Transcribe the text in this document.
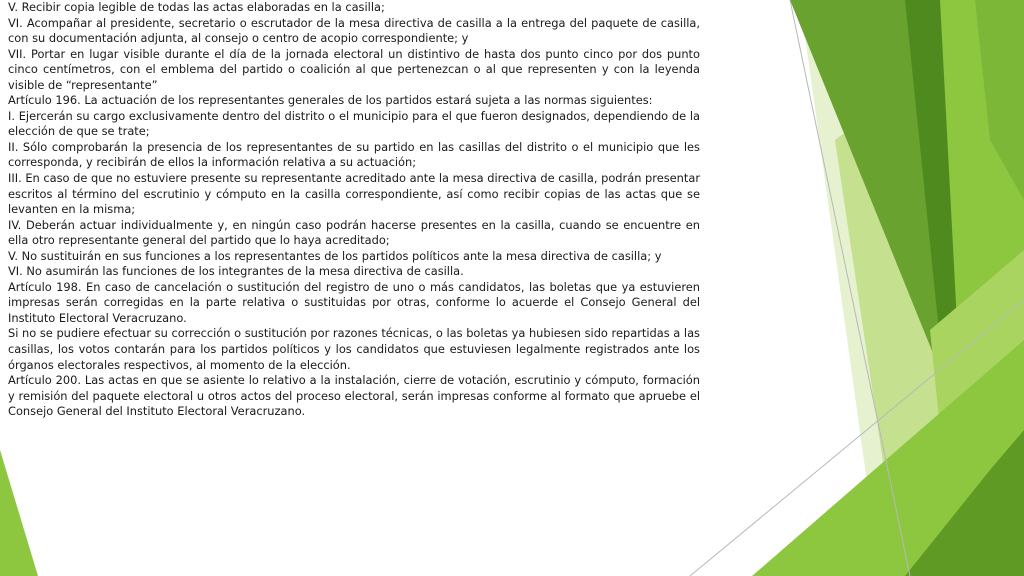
V. Recibir copia legible de todas las actas elaboradas en la casilla;

VI. Acompañar al presidente, secretario o escrutador de la mesa directiva de casilla a la entrega del paquete de casilla, con su documentación adjunta, al consejo o centro de acopio correspondiente; y

VII. Portar en lugar visible durante el día de la jornada electoral un distintivo de hasta dos punto cinco por dos punto cinco centímetros, con el emblema del partido o coalición al que pertenezcan o al que representen y con la leyenda visible de “representante”

Artículo 196. La actuación de los representantes generales de los partidos estará sujeta a las normas siguientes:

I. Ejercerán su cargo exclusivamente dentro del distrito o el municipio para el que fueron designados, dependiendo de la elección de que se trate;

II. Sólo comprobarán la presencia de los representantes de su partido en las casillas del distrito o el municipio que les corresponda, y recibirán de ellos la información relativa a su actuación;

III. En caso de que no estuviere presente su representante acreditado ante la mesa directiva de casilla, podrán presentar escritos al término del escrutinio y cómputo en la casilla correspondiente, así como recibir copias de las actas que se levanten en la misma;

IV. Deberán actuar individualmente y, en ningún caso podrán hacerse presentes en la casilla, cuando se encuentre en ella otro representante general del partido que lo haya acreditado;

V. No sustituirán en sus funciones a los representantes de los partidos políticos ante la mesa directiva de casilla; y

VI. No asumirán las funciones de los integrantes de la mesa directiva de casilla.

Artículo 198. En caso de cancelación o sustitución del registro de uno o más candidatos, las boletas que ya estuvieren impresas serán corregidas en la parte relativa o sustituidas por otras, conforme lo acuerde el Consejo General del Instituto Electoral Veracruzano.

Si no se pudiere efectuar su corrección o sustitución por razones técnicas, o las boletas ya hubiesen sido repartidas a las casillas, los votos contarán para los partidos políticos y los candidatos que estuviesen legalmente registrados ante los órganos electorales respectivos, al momento de la elección.

Artículo 200. Las actas en que se asiente lo relativo a la instalación, cierre de votación, escrutinio y cómputo, formación y remisión del paquete electoral u otros actos del proceso electoral, serán impresas conforme al formato que apruebe el Consejo General del Instituto Electoral Veracruzano.
